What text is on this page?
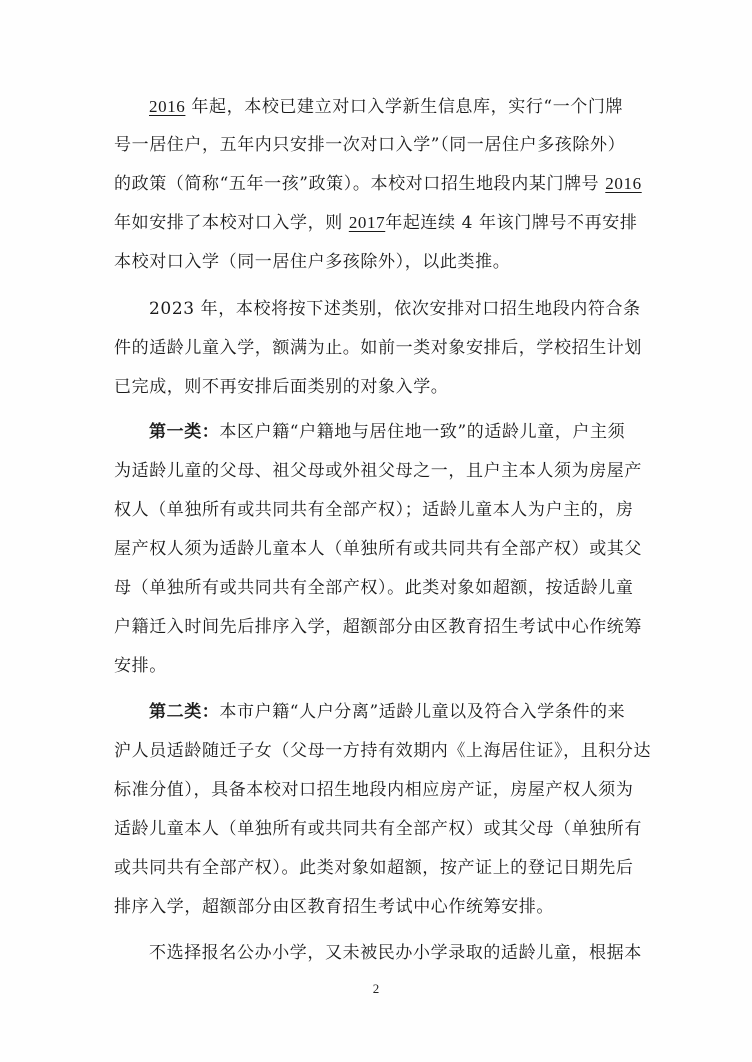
2016 年起，本校已建立对口入学新生信息库，实行“一个门牌
号一居住户，五年内只安排一次对口入学”（同一居住户多孩除外）
的政策（简称“五年一孩”政策）。本校对口招生地段内某门牌号 2016
年如安排了本校对口入学，则 2017年起连续 4 年该门牌号不再安排
本校对口入学（同一居住户多孩除外），以此类推。
2023 年，本校将按下述类别，依次安排对口招生地段内符合条
件的适龄儿童入学，额满为止。如前一类对象安排后，学校招生计划
已完成，则不再安排后面类别的对象入学。
第一类：本区户籍“户籍地与居住地一致”的适龄儿童，户主须
为适龄儿童的父母、祖父母或外祖父母之一，且户主本人须为房屋产
权人（单独所有或共同共有全部产权）；适龄儿童本人为户主的，房
屋产权人须为适龄儿童本人（单独所有或共同共有全部产权）或其父
母（单独所有或共同共有全部产权）。此类对象如超额，按适龄儿童
户籍迁入时间先后排序入学，超额部分由区教育招生考试中心作统筹
安排。
第二类：本市户籍“人户分离”适龄儿童以及符合入学条件的来
沪人员适龄随迁子女（父母一方持有效期内《上海居住证》，且积分达
标准分值），具备本校对口招生地段内相应房产证，房屋产权人须为
适龄儿童本人（单独所有或共同共有全部产权）或其父母（单独所有
或共同共有全部产权）。此类对象如超额，按产证上的登记日期先后
排序入学，超额部分由区教育招生考试中心作统筹安排。
不选择报名公办小学，又未被民办小学录取的适龄儿童，根据本
2
